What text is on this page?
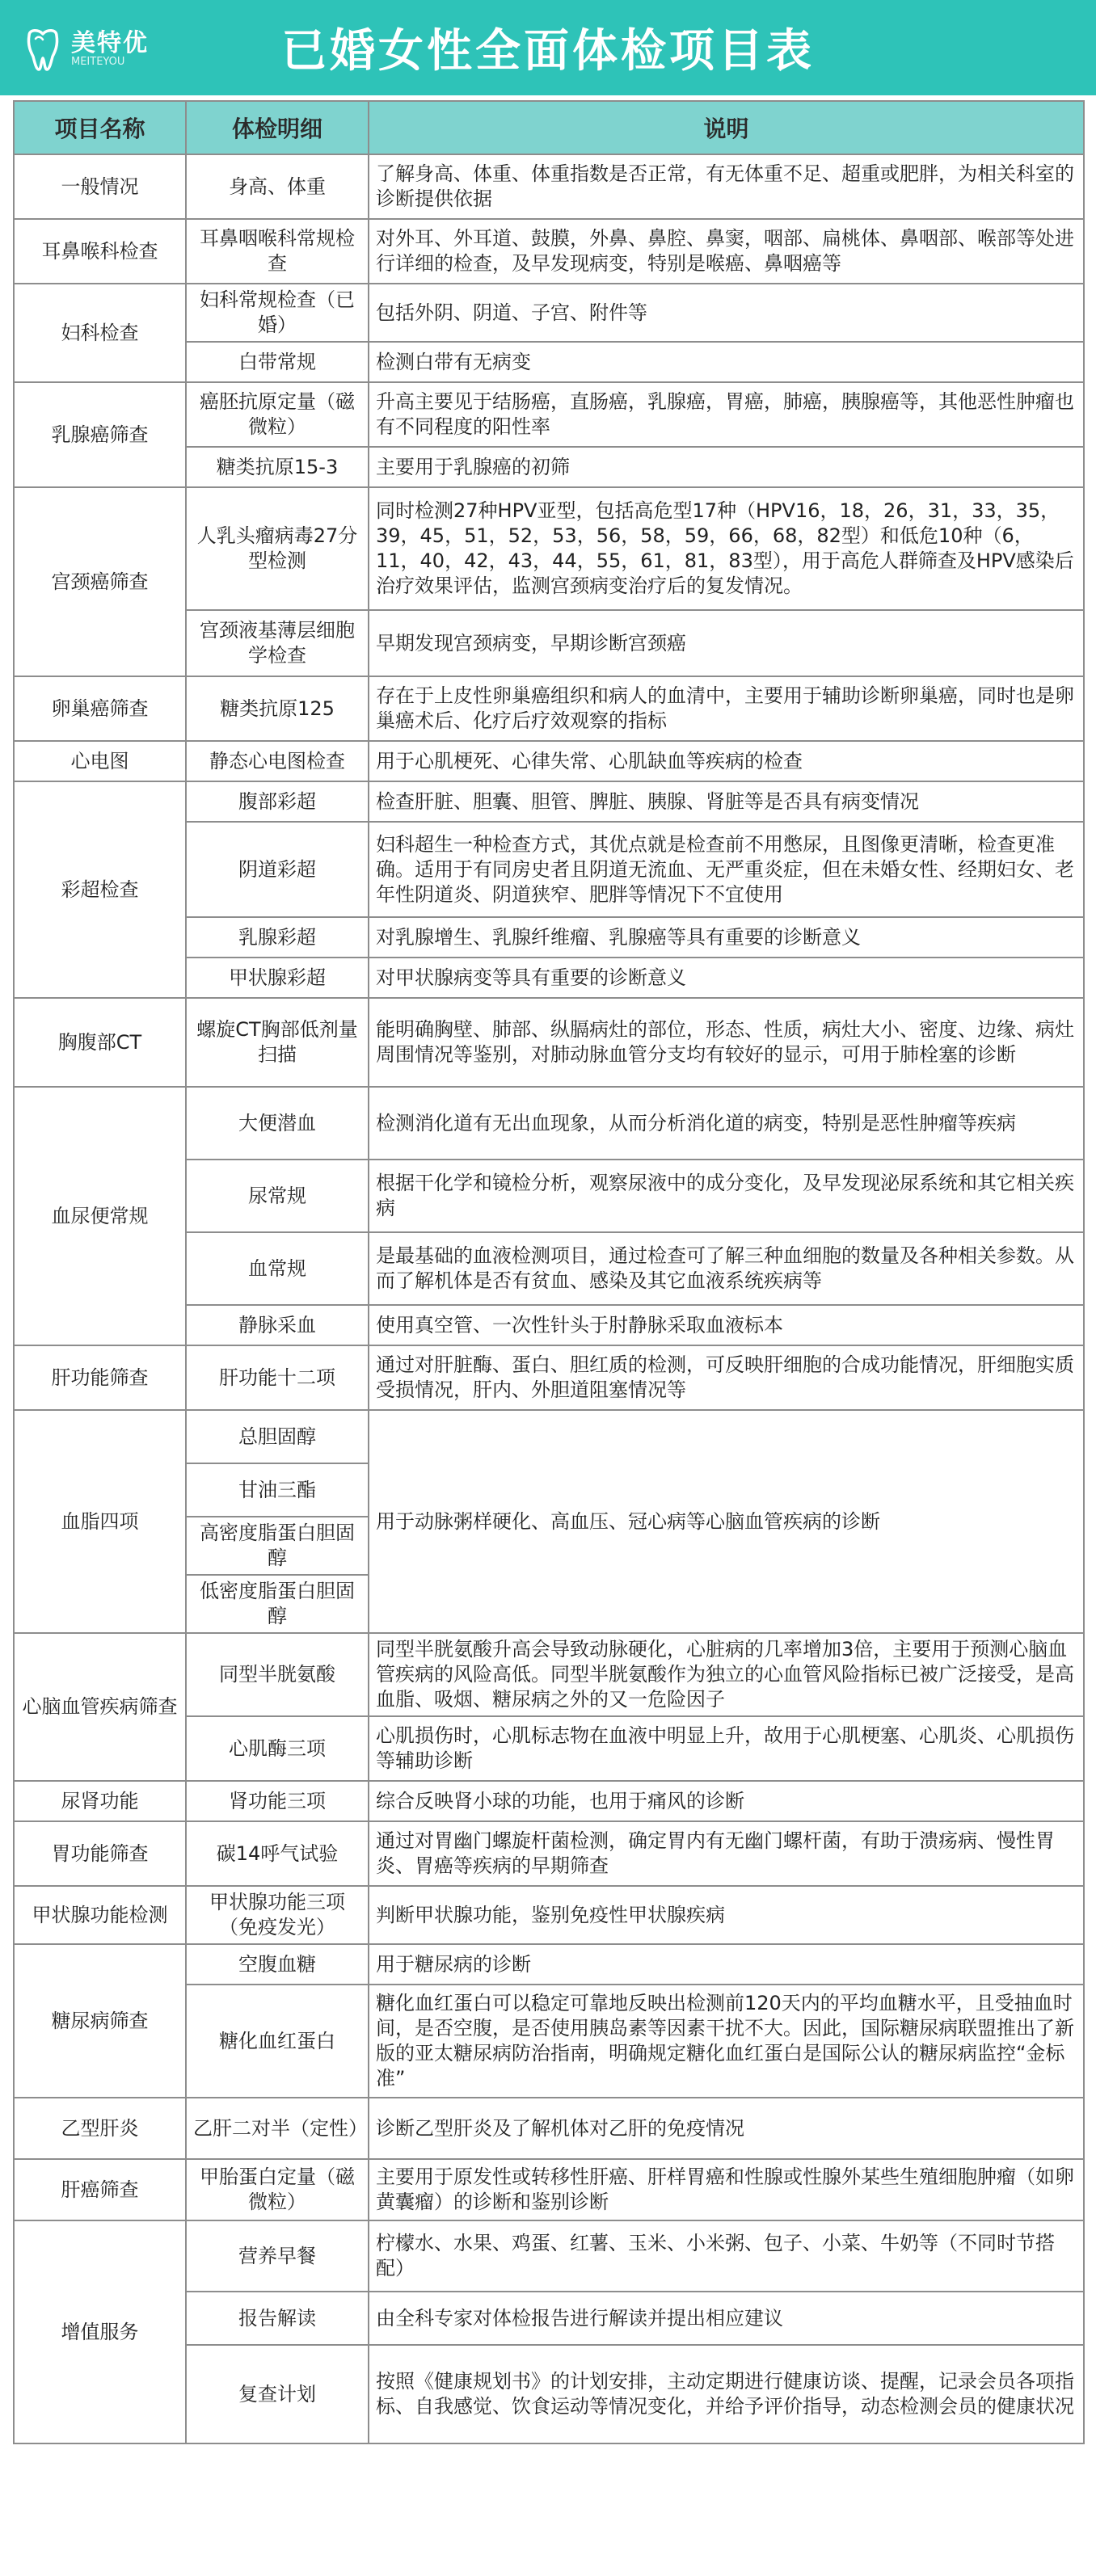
美特优
MEITEYOU	已婚女性全面体检项目表
项目名称	体检明细	说明
一般情况	身高、体重	了解身高、体重、体重指数是否正常，有无体重不足、超重或肥胖，为相关科室的诊断提供依据
耳鼻喉科检查	耳鼻咽喉科常规检查	对外耳、外耳道、鼓膜，外鼻、鼻腔、鼻窦，咽部、扁桃体、鼻咽部、喉部等处进行详细的检查，及早发现病变，特别是喉癌、鼻咽癌等
妇科检查	妇科常规检查（已婚）	包括外阴、阴道、子宫、附件等
	白带常规	检测白带有无病变
乳腺癌筛查	癌胚抗原定量（磁微粒）	升高主要见于结肠癌，直肠癌，乳腺癌，胃癌，肺癌，胰腺癌等，其他恶性肿瘤也有不同程度的阳性率
	糖类抗原15-3	主要用于乳腺癌的初筛
宫颈癌筛查	人乳头瘤病毒27分型检测	同时检测27种HPV亚型，包括高危型17种（HPV16，18，26，31，33，35，39，45，51，52，53，56，58，59，66，68，82型）和低危10种（6，11，40，42，43，44，55，61，81，83型），用于高危人群筛查及HPV感染后治疗效果评估，监测宫颈病变治疗后的复发情况。
	宫颈液基薄层细胞学检查	早期发现宫颈病变，早期诊断宫颈癌
卵巢癌筛查	糖类抗原125	存在于上皮性卵巢癌组织和病人的血清中，主要用于辅助诊断卵巢癌，同时也是卵巢癌术后、化疗后疗效观察的指标
心电图	静态心电图检查	用于心肌梗死、心律失常、心肌缺血等疾病的检查
彩超检查	腹部彩超	检查肝脏、胆囊、胆管、脾脏、胰腺、肾脏等是否具有病变情况
	阴道彩超	妇科超生一种检查方式，其优点就是检查前不用憋尿，且图像更清晰，检查更准确。适用于有同房史者且阴道无流血、无严重炎症，但在未婚女性、经期妇女、老年性阴道炎、阴道狭窄、肥胖等情况下不宜使用
	乳腺彩超	对乳腺增生、乳腺纤维瘤、乳腺癌等具有重要的诊断意义
	甲状腺彩超	对甲状腺病变等具有重要的诊断意义
胸腹部CT	螺旋CT胸部低剂量扫描	能明确胸壁、肺部、纵膈病灶的部位，形态、性质，病灶大小、密度、边缘、病灶周围情况等鉴别，对肺动脉血管分支均有较好的显示，可用于肺栓塞的诊断
血尿便常规	大便潜血	检测消化道有无出血现象，从而分析消化道的病变，特别是恶性肿瘤等疾病
	尿常规	根据干化学和镜检分析，观察尿液中的成分变化，及早发现泌尿系统和其它相关疾病
	血常规	是最基础的血液检测项目，通过检查可了解三种血细胞的数量及各种相关参数。从而了解机体是否有贫血、感染及其它血液系统疾病等
	静脉采血	使用真空管、一次性针头于肘静脉采取血液标本
肝功能筛查	肝功能十二项	通过对肝脏酶、蛋白、胆红质的检测，可反映肝细胞的合成功能情况，肝细胞实质受损情况，肝内、外胆道阻塞情况等
血脂四项	总胆固醇	用于动脉粥样硬化、高血压、冠心病等心脑血管疾病的诊断
	甘油三酯	
	高密度脂蛋白胆固醇	
	低密度脂蛋白胆固醇	
心脑血管疾病筛查	同型半胱氨酸	同型半胱氨酸升高会导致动脉硬化，心脏病的几率增加3倍，主要用于预测心脑血管疾病的风险高低。同型半胱氨酸作为独立的心血管风险指标已被广泛接受，是高血脂、吸烟、糖尿病之外的又一危险因子
	心肌酶三项	心肌损伤时，心肌标志物在血液中明显上升，故用于心肌梗塞、心肌炎、心肌损伤等辅助诊断
尿肾功能	肾功能三项	综合反映肾小球的功能，也用于痛风的诊断
胃功能筛查	碳14呼气试验	通过对胃幽门螺旋杆菌检测，确定胃内有无幽门螺杆菌，有助于溃疡病、慢性胃炎、胃癌等疾病的早期筛查
甲状腺功能检测	甲状腺功能三项（免疫发光）	判断甲状腺功能，鉴别免疫性甲状腺疾病
糖尿病筛查	空腹血糖	用于糖尿病的诊断
	糖化血红蛋白	糖化血红蛋白可以稳定可靠地反映出检测前120天内的平均血糖水平，且受抽血时间，是否空腹，是否使用胰岛素等因素干扰不大。因此，国际糖尿病联盟推出了新版的亚太糖尿病防治指南，明确规定糖化血红蛋白是国际公认的糖尿病监控“金标准”
乙型肝炎	乙肝二对半（定性）	诊断乙型肝炎及了解机体对乙肝的免疫情况
肝癌筛查	甲胎蛋白定量（磁微粒）	主要用于原发性或转移性肝癌、肝样胃癌和性腺或性腺外某些生殖细胞肿瘤（如卵黄囊瘤）的诊断和鉴别诊断
增值服务	营养早餐	柠檬水、水果、鸡蛋、红薯、玉米、小米粥、包子、小菜、牛奶等（不同时节搭配）
	报告解读	由全科专家对体检报告进行解读并提出相应建议
	复查计划	按照《健康规划书》的计划安排，主动定期进行健康访谈、提醒，记录会员各项指标、自我感觉、饮食运动等情况变化，并给予评价指导，动态检测会员的健康状况
